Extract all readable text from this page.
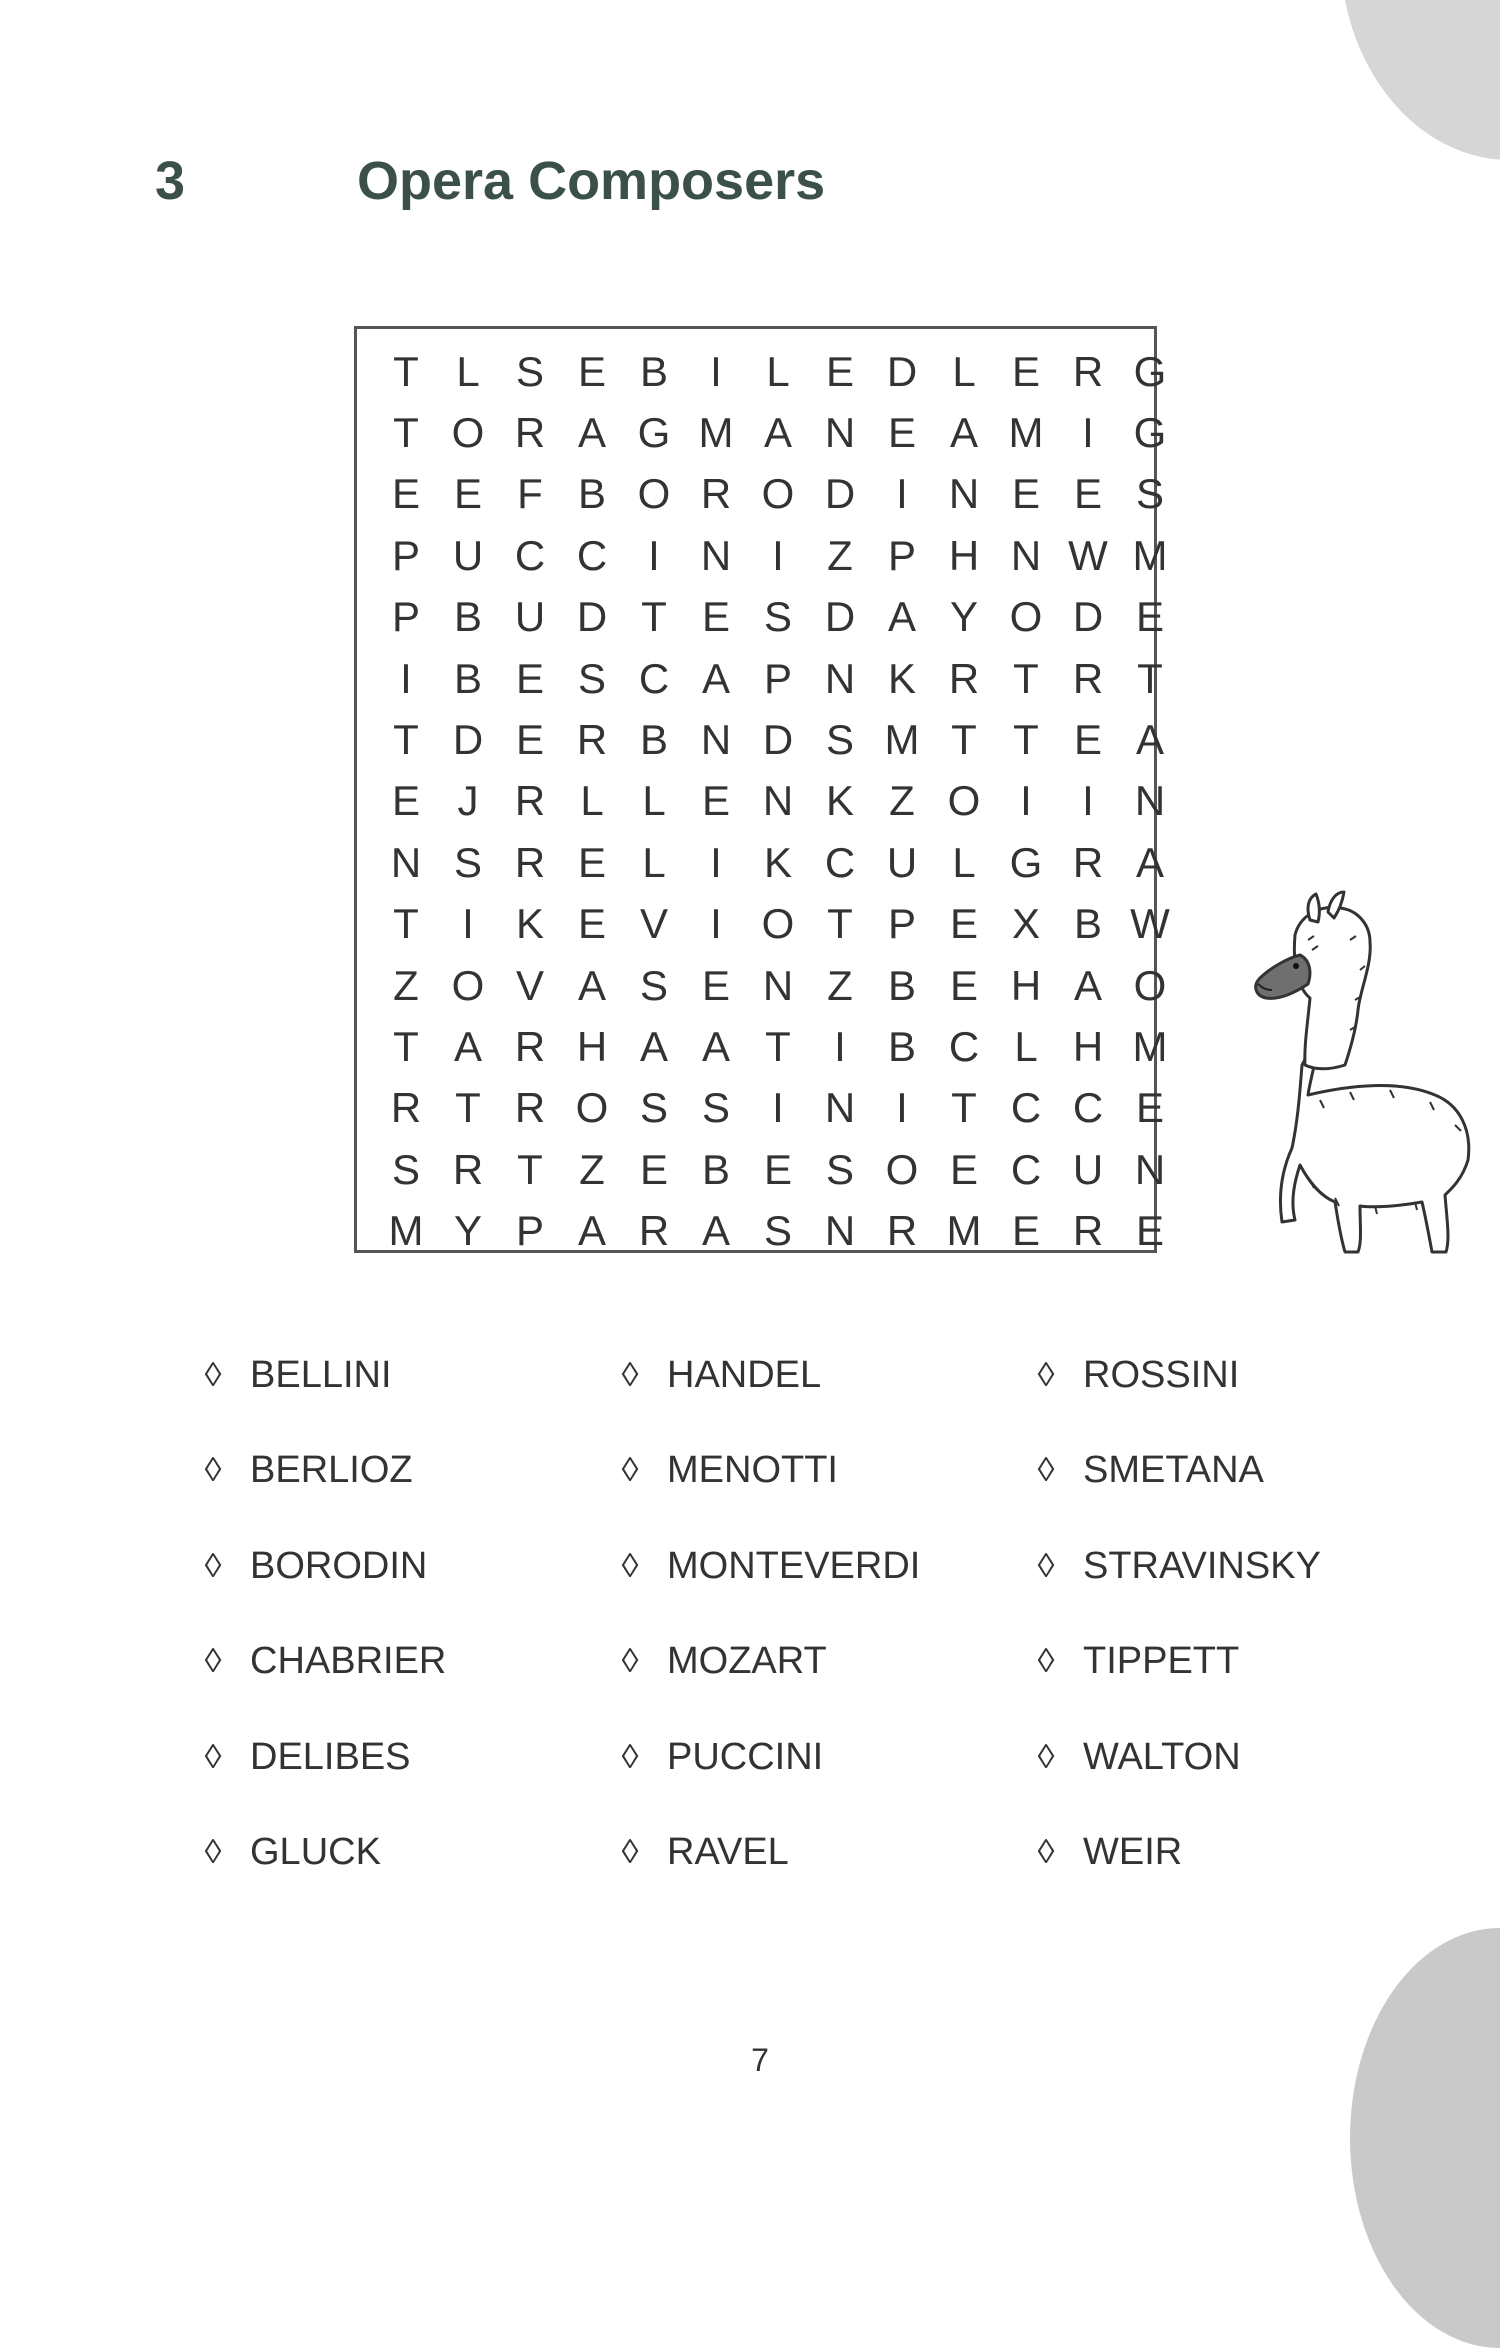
3	Opera Composers
T L S E B	I	L E D L E R G
T O R A G M A N E A M I G
E E F B O R O D I N E E S
P U C C I N I	Z P H N W M
P B U D T E S D A Y O D E
I	B E S C A P N K R T R T
T D E R B N D S M T T E A
E J R L L E N K Z O I	I N
N S R E L	I	K C U L G R A
T	I	K E V	I O T P E X B W
Z O V A S E N Z B E H A O
T A R H A A T	I	B C L H M
R T R O S S	I N I	T C C E
S R T Z E B E S O E C U N
M Y P A R A S N R M E R E
◊ BELLINI
◊ BERLIOZ
◊ BORODIN
◊ CHABRIER
◊ DELIBES
◊ GLUCK
◊ HANDEL
◊ MENOTTI
◊ MONTEVERDI
◊ MOZART
◊ PUCCINI
◊ RAVEL
◊ ROSSINI
◊ SMETANA
◊ STRAVINSKY
◊ TIPPETT
◊ WALTON
◊ WEIR
7
